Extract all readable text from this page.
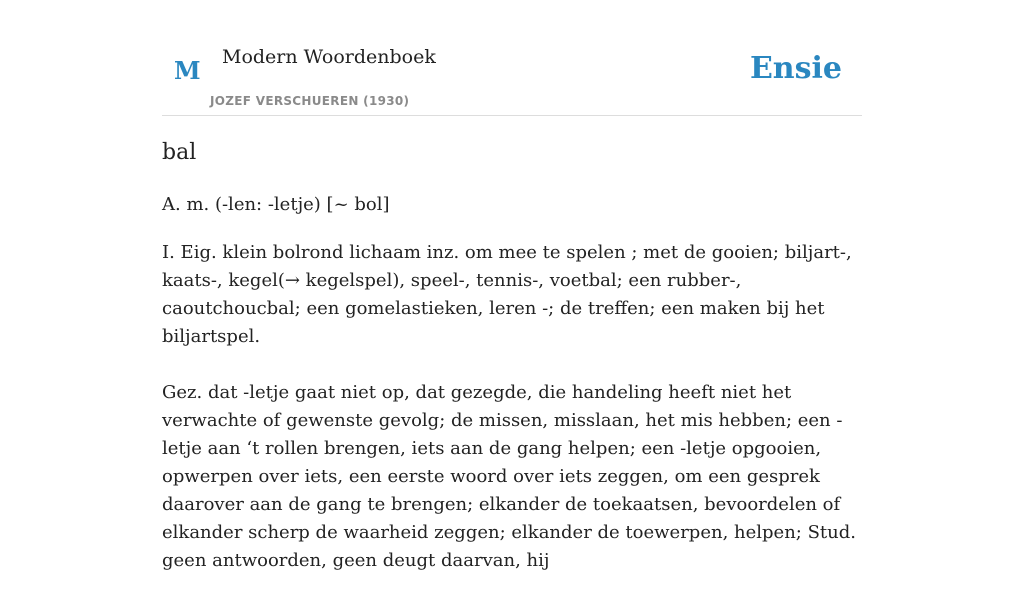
M Modern Woordenboek
JOZEF VERSCHUEREN (1930)
Ensie
bal
A. m. (-len: -letje) [~ bol]

I. Eig. klein bolrond lichaam inz. om mee te spelen ; met de gooien; biljart-, kaats-, kegel(→ kegelspel), speel-, tennis-, voetbal; een rubber-, caoutchoucbal; een gomelastieken, leren -; de treffen; een maken bij het biljartspel.

Gez. dat -letje gaat niet op, dat gezegde, die handeling heeft niet het verwachte of gewenste gevolg; de missen, misslaan, het mis hebben; een -letje aan ‘t rollen brengen, iets aan de gang helpen; een -letje opgooien, opwerpen over iets, een eerste woord over iets zeggen, om een gesprek daarover aan de gang te brengen; elkander de toekaatsen, bevoordelen of elkander scherp de waarheid zeggen; elkander de toewerpen, helpen; Stud. geen antwoorden, geen deugt daarvan, hij
